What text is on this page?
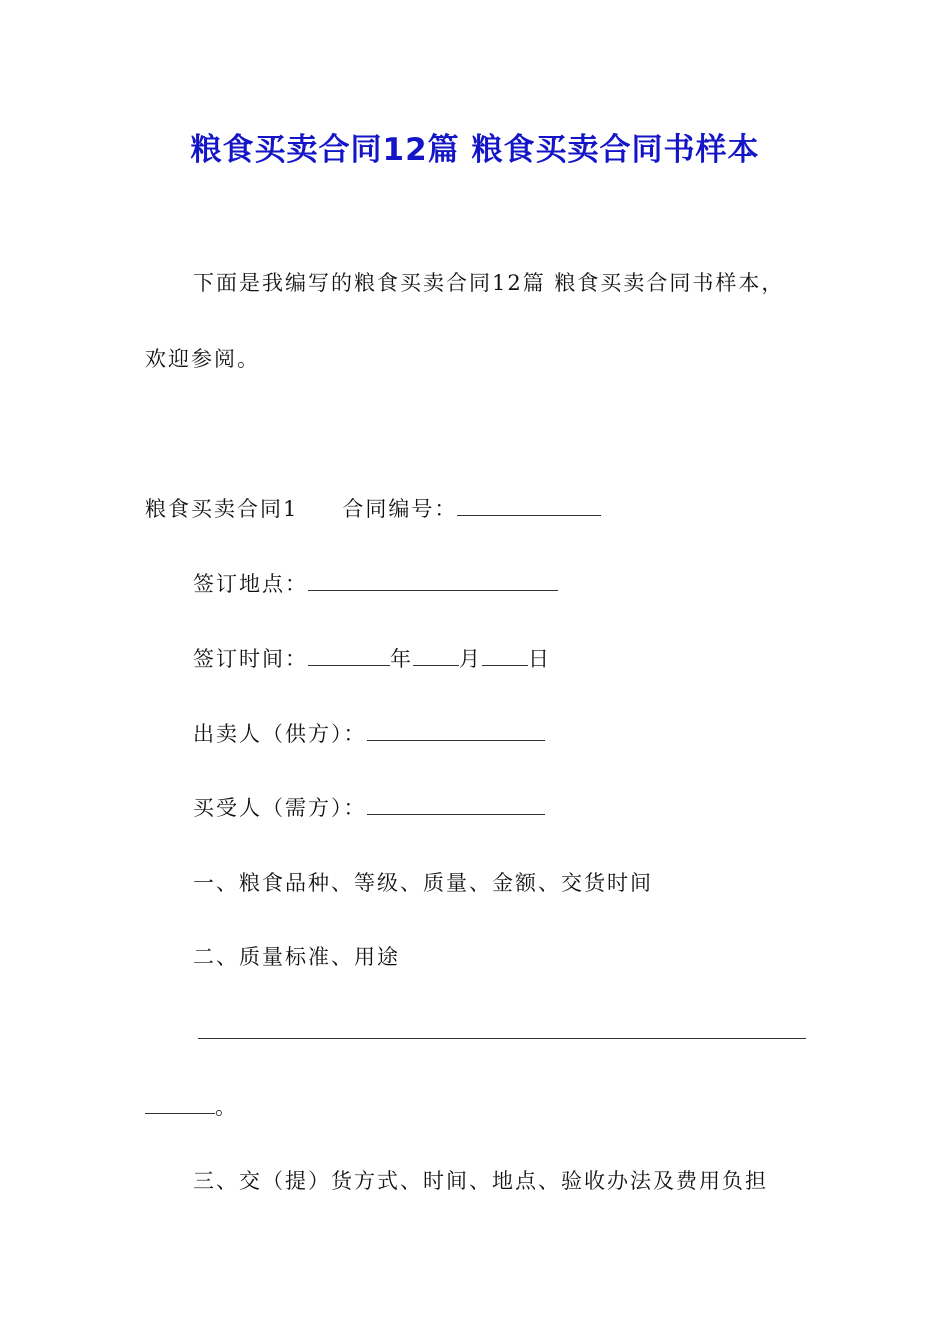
粮食买卖合同12篇 粮食买卖合同书样本
下面是我编写的粮食买卖合同12篇 粮食买卖合同书样本，
欢迎参阅。
粮食买卖合同1 合同编号：
签订地点：
签订时间：	年 月 日
出卖人（供方）：
买受人（需方）：
一、粮食品种、等级、质量、金额、交货时间
二、质量标准、用途
。
三、交（提）货方式、时间、地点、验收办法及费用负担
